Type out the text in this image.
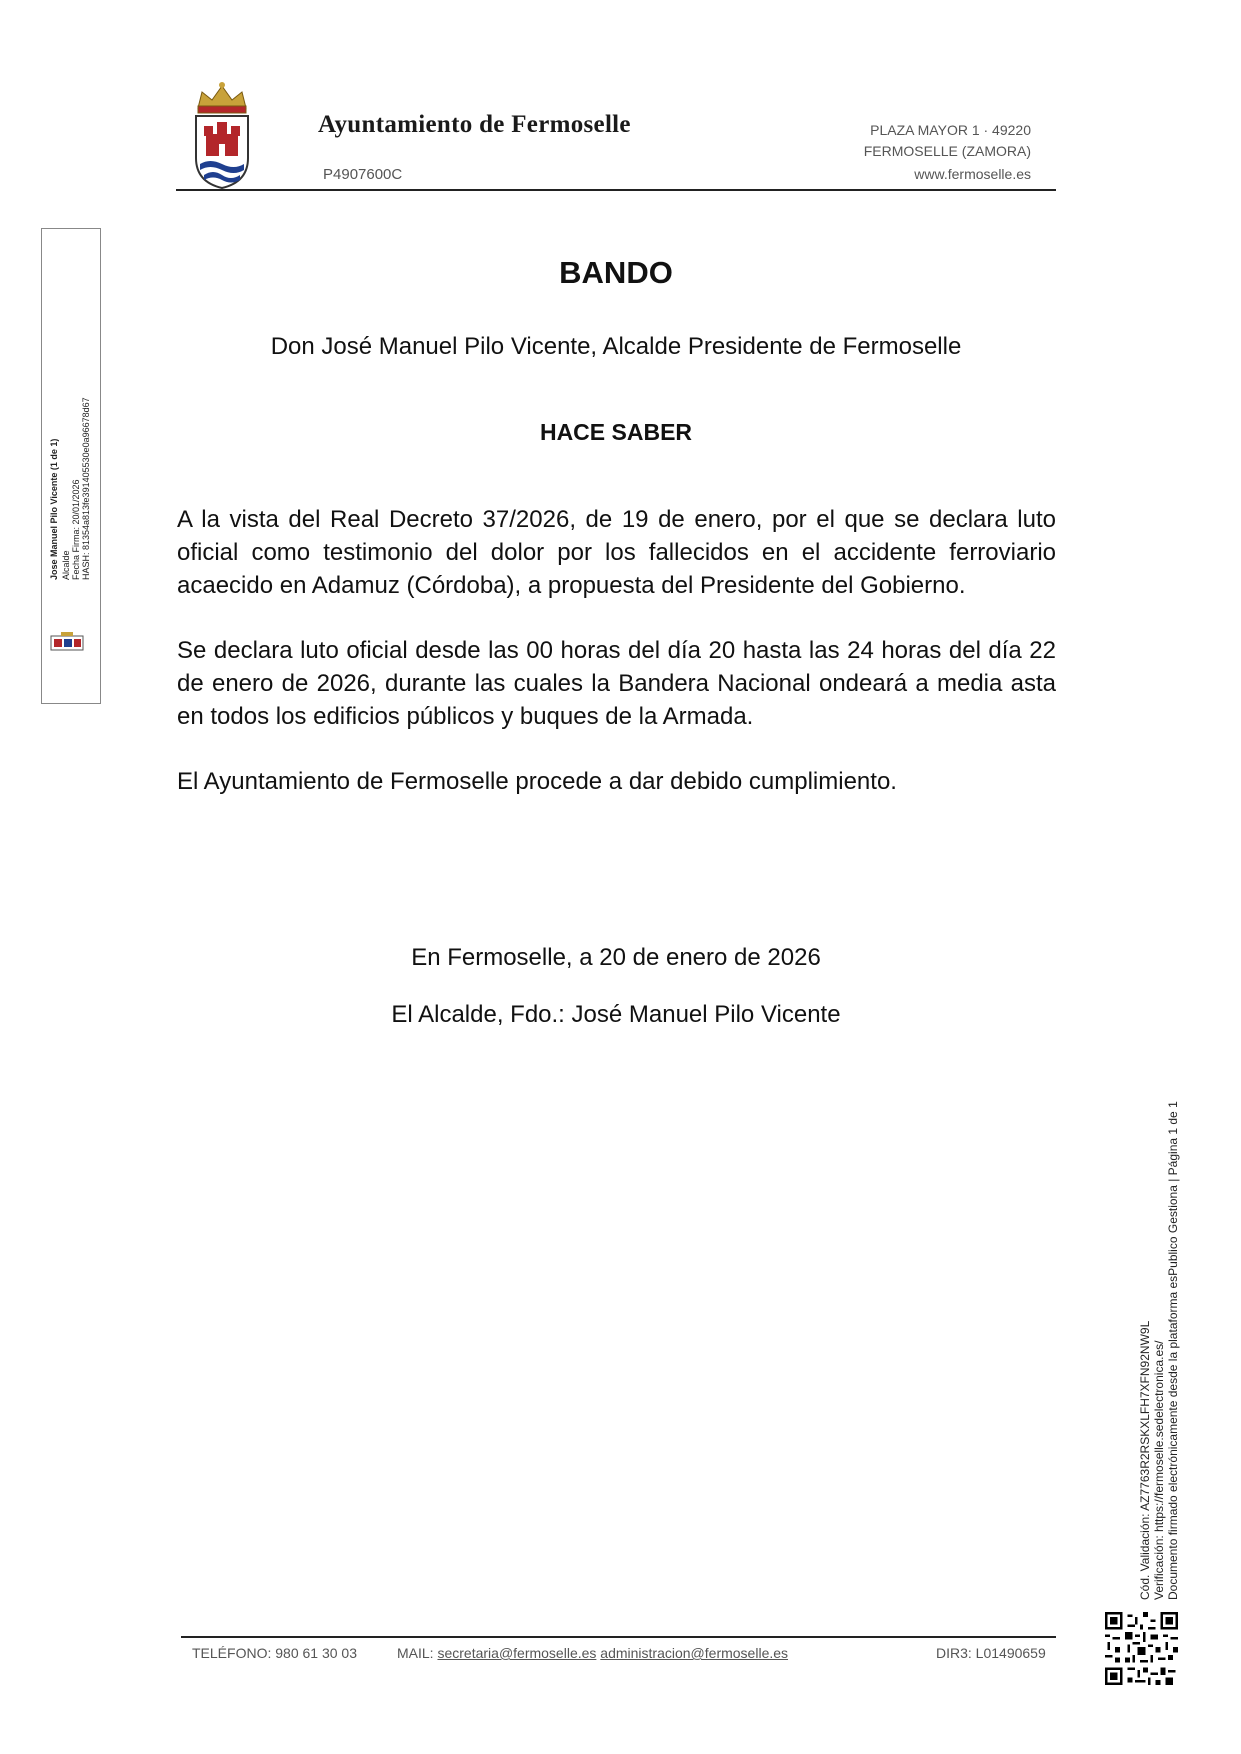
Ayuntamiento de Fermoselle
P4907600C
PLAZA MAYOR 1 · 49220
FERMOSELLE (ZAMORA)
www.fermoselle.es
Jose Manuel Pilo Vicente (1 de 1) Alcalde Fecha Firma: 20/01/2026 HASH: 81354a813fe391405530e0a96678d67
BANDO
Don José Manuel Pilo Vicente, Alcalde Presidente de Fermoselle
HACE SABER

A la vista del Real Decreto 37/2026, de 19 de enero, por el que se declara luto oficial como testimonio del dolor por los fallecidos en el accidente ferroviario acaecido en Adamuz (Córdoba), a propuesta del Presidente del Gobierno.

Se declara luto oficial desde las 00 horas del día 20 hasta las 24 horas del día 22 de enero de 2026, durante las cuales la Bandera Nacional ondeará a media asta en todos los edificios públicos y buques de la Armada.

El Ayuntamiento de Fermoselle procede a dar debido cumplimiento.

En Fermoselle, a 20 de enero de 2026
El Alcalde, Fdo.: José Manuel Pilo Vicente
Cód. Validación: AZ7763R2RSKXLFH7XFN92NW9L Verificación: https://fermoselle.sedelectronica.es/ Documento firmado electrónicamente desde la plataforma esPublico Gestiona | Página 1 de 1
TELÉFONO: 980 61 30 03	MAIL: secretaria@fermoselle.es administracion@fermoselle.es	DIR3: L01490659
